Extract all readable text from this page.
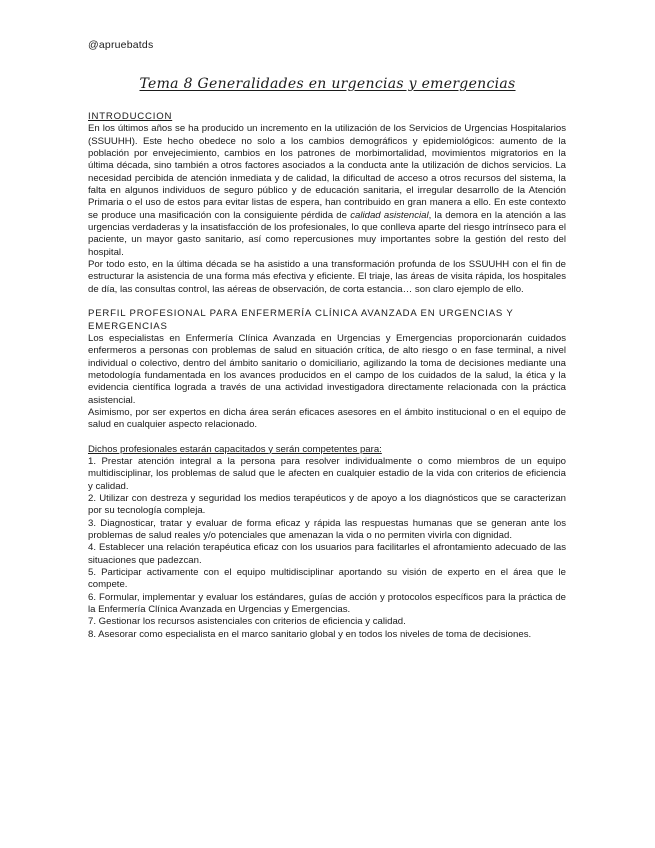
@apruebatds
Tema 8 Generalidades en urgencias y emergencias

INTRODUCCION

En los últimos años se ha producido un incremento en la utilización de los Servicios de Urgencias Hospitalarios (SSUUHH). Este hecho obedece no solo a los cambios demográficos y epidemiológicos: aumento de la población por envejecimiento, cambios en los patrones de morbimortalidad, movimientos migratorios en la última década, sino también a otros factores asociados a la conducta ante la utilización de dichos servicios. La necesidad percibida de atención inmediata y de calidad, la dificultad de acceso a otros recursos del sistema, la falta en algunos individuos de seguro público y de educación sanitaria, el irregular desarrollo de la Atención Primaria o el uso de estos para evitar listas de espera, han contribuido en gran manera a ello. En este contexto se produce una masificación con la consiguiente pérdida de calidad asistencial, la demora en la atención a las urgencias verdaderas y la insatisfacción de los profesionales, lo que conlleva aparte del riesgo intrínseco para el paciente, un mayor gasto sanitario, así como repercusiones muy importantes sobre la gestión del resto del hospital.

Por todo esto, en la última década se ha asistido a una transformación profunda de los SSUUHH con el fin de estructurar la asistencia de una forma más efectiva y eficiente. El triaje, las áreas de visita rápida, los hospitales de día, las consultas control, las aéreas de observación, de corta estancia… son claro ejemplo de ello.

PERFIL PROFESIONAL PARA ENFERMERÍA CLÍNICA AVANZADA EN URGENCIAS Y
EMERGENCIAS

Los especialistas en Enfermería Clínica Avanzada en Urgencias y Emergencias proporcionarán cuidados enfermeros a personas con problemas de salud en situación crítica, de alto riesgo o en fase terminal, a nivel individual o colectivo, dentro del ámbito sanitario o domiciliario, agilizando la toma de decisiones mediante una metodología fundamentada en los avances producidos en el campo de los cuidados de la salud, la ética y la evidencia científica lograda a través de una actividad investigadora directamente relacionada con la práctica asistencial.

Asimismo, por ser expertos en dicha área serán eficaces asesores en el ámbito institucional o en el equipo de salud en cualquier aspecto relacionado.

Dichos profesionales estarán capacitados y serán competentes para:

1. Prestar atención integral a la persona para resolver individualmente o como miembros de un equipo multidisciplinar, los problemas de salud que le afecten en cualquier estadio de la vida con criterios de eficiencia y calidad.
2. Utilizar con destreza y seguridad los medios terapéuticos y de apoyo a los diagnósticos que se caracterizan por su tecnología compleja.
3. Diagnosticar, tratar y evaluar de forma eficaz y rápida las respuestas humanas que se generan ante los problemas de salud reales y/o potenciales que amenazan la vida o no permiten vivirla con dignidad.
4. Establecer una relación terapéutica eficaz con los usuarios para facilitarles el afrontamiento adecuado de las situaciones que padezcan.
5. Participar activamente con el equipo multidisciplinar aportando su visión de experto en el área que le compete.
6. Formular, implementar y evaluar los estándares, guías de acción y protocolos específicos para la práctica de la Enfermería Clínica Avanzada en Urgencias y Emergencias.
7. Gestionar los recursos asistenciales con criterios de eficiencia y calidad.
8. Asesorar como especialista en el marco sanitario global y en todos los niveles de toma de decisiones.
